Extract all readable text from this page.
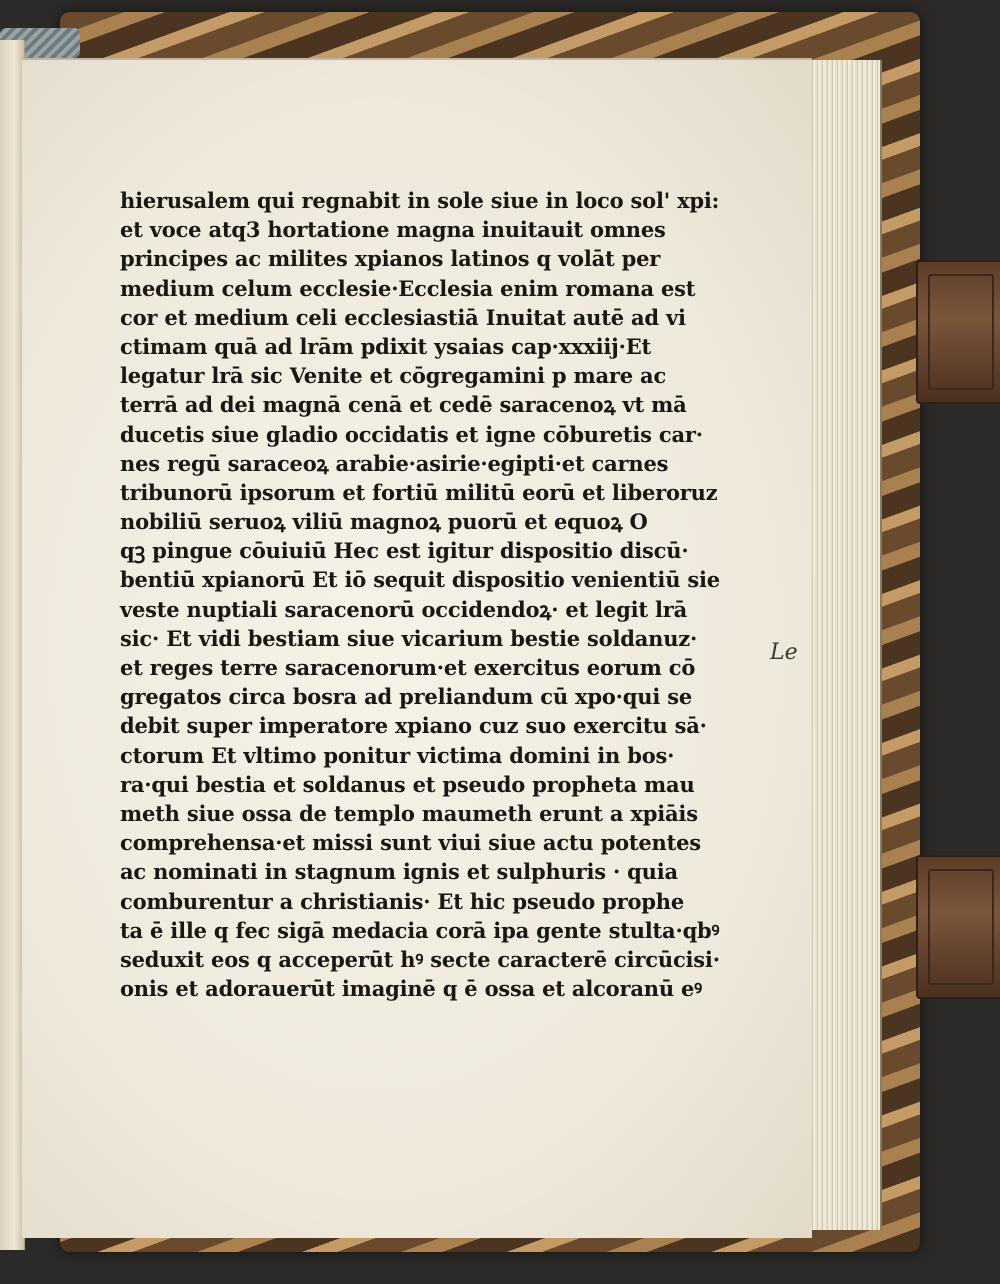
hierusalem qui regnabit in sole siue in loco sol' xpi:
et voce atq3 hortatione magna inuitauit omnes
principes ac milites xpianos latinos q volāt per
medium celum ecclesie·Ecclesia enim romana est
cor et medium celi ecclesiastiā Inuitat autē ad vi
ctimam quā ad lrām pdixit ysaias cap·xxxiij·Et
legatur lrā sic Venite et cōgregamini p mare ac
terrā ad dei magnā cenā et cedē saracenoꝝ vt mā
ducetis siue gladio occidatis et igne cōburetis car·
nes regū saraceoꝝ arabie·asirie·egipti·et carnes
tribunorū ipsorum et fortiū militū eorū et liberoruz
nobiliū seruoꝝ viliū magnoꝝ puorū et equoꝝ O
qꝫ pingue cōuiuiū Hec est igitur dispositio discū·
bentiū xpianorū Et iō sequit dispositio venientiū sie
veste nuptiali saracenorū occidendoꝝ· et legit lrā
sic· Et vidi bestiam siue vicarium bestie soldanuz·
et reges terre saracenorum·et exercitus eorum cō
gregatos circa bosra ad preliandum cū xpo·qui se
debit super imperatore xpiano cuz suo exercitu sā·
ctorum Et vltimo ponitur victima domini in bos·
ra·qui bestia et soldanus et pseudo propheta mau
meth siue ossa de templo maumeth erunt a xpiāis
comprehensa·et missi sunt viui siue actu potentes
ac nominati in stagnum ignis et sulphuris · quia
comburentur a christianis· Et hic pseudo prophe
ta ē ille q fec sigā medacia corā ipa gente stulta·qbꝰ
seduxit eos q acceperūt hꝰ secte caracterē circūcisi·
onis et adorauerūt imaginē q ē ossa et alcoranū eꝰ
Le
